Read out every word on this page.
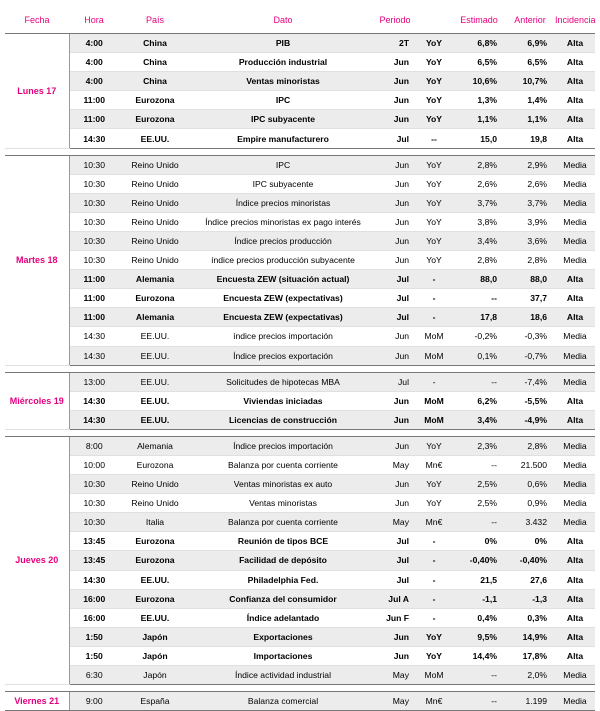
Fecha	Hora	País	Dato	Periodo		Estimado	Anterior	Incidencia
Lunes 17	4:00	China	PIB	2T	YoY	6,8%	6,9%	Alta
	4:00	China	Producción industrial	Jun	YoY	6,5%	6,5%	Alta
	4:00	China	Ventas minoristas	Jun	YoY	10,6%	10,7%	Alta
	11:00	Eurozona	IPC	Jun	YoY	1,3%	1,4%	Alta
	11:00	Eurozona	IPC subyacente	Jun	YoY	1,1%	1,1%	Alta
	14:30	EE.UU.	Empire manufacturero	Jul	--	15,0	19,8	Alta

Martes 18	10:30	Reino Unido	IPC	Jun	YoY	2,8%	2,9%	Media
	10:30	Reino Unido	IPC subyacente	Jun	YoY	2,6%	2,6%	Media
	10:30	Reino Unido	Índice precios minoristas	Jun	YoY	3,7%	3,7%	Media
	10:30	Reino Unido	Índice precios minoristas ex pago interés	Jun	YoY	3,8%	3,9%	Media
	10:30	Reino Unido	Índice precios producción	Jun	YoY	3,4%	3,6%	Media
	10:30	Reino Unido	índice precios producción subyacente	Jun	YoY	2,8%	2,8%	Media
	11:00	Alemania	Encuesta ZEW (situación actual)	Jul	-	88,0	88,0	Alta
	11:00	Eurozona	Encuesta ZEW (expectativas)	Jul	-	--	37,7	Alta
	11:00	Alemania	Encuesta ZEW (expectativas)	Jul	-	17,8	18,6	Alta
	14:30	EE.UU.	índice precios importación	Jun	MoM	-0,2%	-0,3%	Media
	14:30	EE.UU.	Índice precios exportación	Jun	MoM	0,1%	-0,7%	Media

Miércoles 19	13:00	EE.UU.	Solicitudes de hipotecas MBA	Jul	-	--	-7,4%	Media
	14:30	EE.UU.	Viviendas iniciadas	Jun	MoM	6,2%	-5,5%	Alta
	14:30	EE.UU.	Licencias de construcción	Jun	MoM	3,4%	-4,9%	Alta

Jueves 20	8:00	Alemania	Índice precios importación	Jun	YoY	2,3%	2,8%	Media
	10:00	Eurozona	Balanza por cuenta corriente	May	Mn€	--	21.500	Media
	10:30	Reino Unido	Ventas minoristas ex auto	Jun	YoY	2,5%	0,6%	Media
	10:30	Reino Unido	Ventas minoristas	Jun	YoY	2,5%	0,9%	Media
	10:30	Italia	Balanza por cuenta corriente	May	Mn€	--	3.432	Media
	13:45	Eurozona	Reunión de tipos BCE	Jul	-	0%	0%	Alta
	13:45	Eurozona	Facilidad de depósito	Jul	-	-0,40%	-0,40%	Alta
	14:30	EE.UU.	Philadelphia Fed.	Jul	-	21,5	27,6	Alta
	16:00	Eurozona	Confianza del consumidor	Jul A	-	-1,1	-1,3	Alta
	16:00	EE.UU.	Índice adelantado	Jun F	-	0,4%	0,3%	Alta
	1:50	Japón	Exportaciones	Jun	YoY	9,5%	14,9%	Alta
	1:50	Japón	Importaciones	Jun	YoY	14,4%	17,8%	Alta
	6:30	Japón	Índice actividad industrial	May	MoM	--	2,0%	Media

Viernes 21	9:00	España	Balanza comercial	May	Mn€	--	1.199	Media
